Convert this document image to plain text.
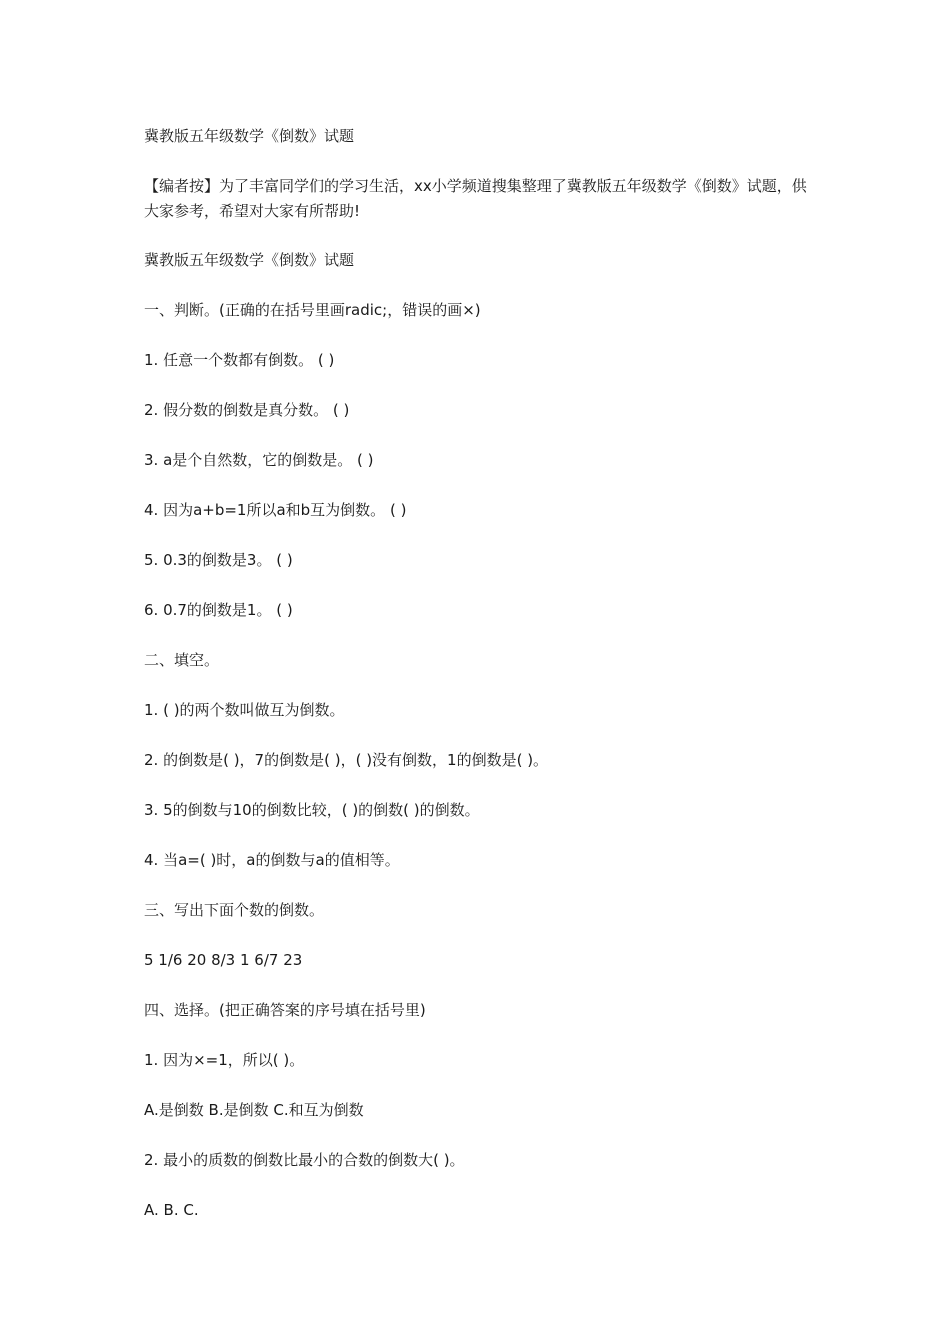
冀教版五年级数学《倒数》试题
【编者按】为了丰富同学们的学习生活，xx小学频道搜集整理了冀教版五年级数学《倒数》试题，供大家参考，希望对大家有所帮助!
冀教版五年级数学《倒数》试题
一、判断。(正确的在括号里画radic;，错误的画×)
1. 任意一个数都有倒数。 ( )
2. 假分数的倒数是真分数。 ( )
3. a是个自然数，它的倒数是。 ( )
4. 因为a+b=1所以a和b互为倒数。 ( )
5. 0.3的倒数是3。 ( )
6. 0.7的倒数是1。 ( )
二、填空。
1. ( )的两个数叫做互为倒数。
2. 的倒数是( )，7的倒数是( )，( )没有倒数，1的倒数是( )。
3. 5的倒数与10的倒数比较，( )的倒数( )的倒数。
4. 当a=( )时，a的倒数与a的值相等。
三、写出下面个数的倒数。
5 1/6 20 8/3 1 6/7 23
四、选择。(把正确答案的序号填在括号里)
1. 因为×=1，所以( )。
A.是倒数 B.是倒数 C.和互为倒数
2. 最小的质数的倒数比最小的合数的倒数大( )。
A. B. C.
